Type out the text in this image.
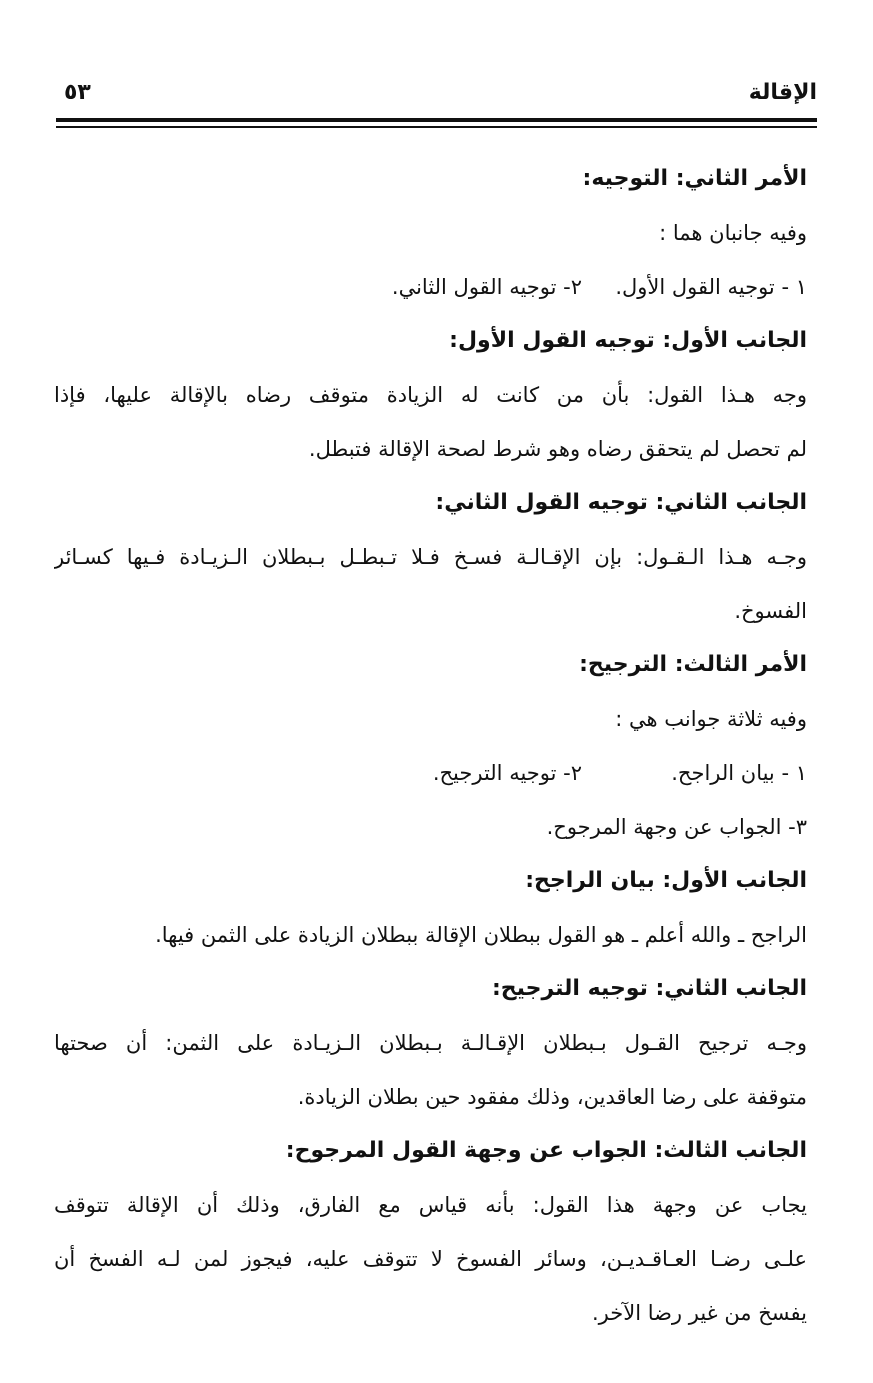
الإقالة
٥٣
الأمر الثاني: التوجيه:
وفيه جانبان هما :
١ - توجيه القول الأول.
٢- توجيه القول الثاني.
الجانب الأول: توجيه القول الأول:
وجه هـذا القول: بأن من كانت له الزيادة متوقف رضاه بالإقالة عليها، فإذا
لم تحصل لم يتحقق رضاه وهو شرط لصحة الإقالة فتبطل.
الجانب الثاني: توجيه القول الثاني:
وجـه هـذا الـقـول: بإن الإقـالـة فسـخ فـلا تـبطـل بـبطلان الـزيـادة فـيها كسـائر
الفسوخ.
الأمر الثالث: الترجيح:
وفيه ثلاثة جوانب هي :
١ - بيان الراجح.
٢- توجيه الترجيح.
٣- الجواب عن وجهة المرجوح.
الجانب الأول: بيان الراجح:
الراجح ـ والله أعلم ـ هو القول ببطلان الإقالة ببطلان الزيادة على الثمن فيها.
الجانب الثاني: توجيه الترجيح:
وجـه ترجيح القـول بـبطلان الإقـالـة بـبطلان الـزيـادة على الثمن: أن صحتها
متوقفة على رضا العاقدين، وذلك مفقود حين بطلان الزيادة.
الجانب الثالث: الجواب عن وجهة القول المرجوح:
يجاب عن وجهة هذا القول: بأنه قياس مع الفارق، وذلك أن الإقالة تتوقف
علـى رضـا العـاقـديـن، وسائر الفسوخ لا تتوقف عليه، فيجوز لمن لـه الفسخ أن
يفسخ من غير رضا الآخر.
